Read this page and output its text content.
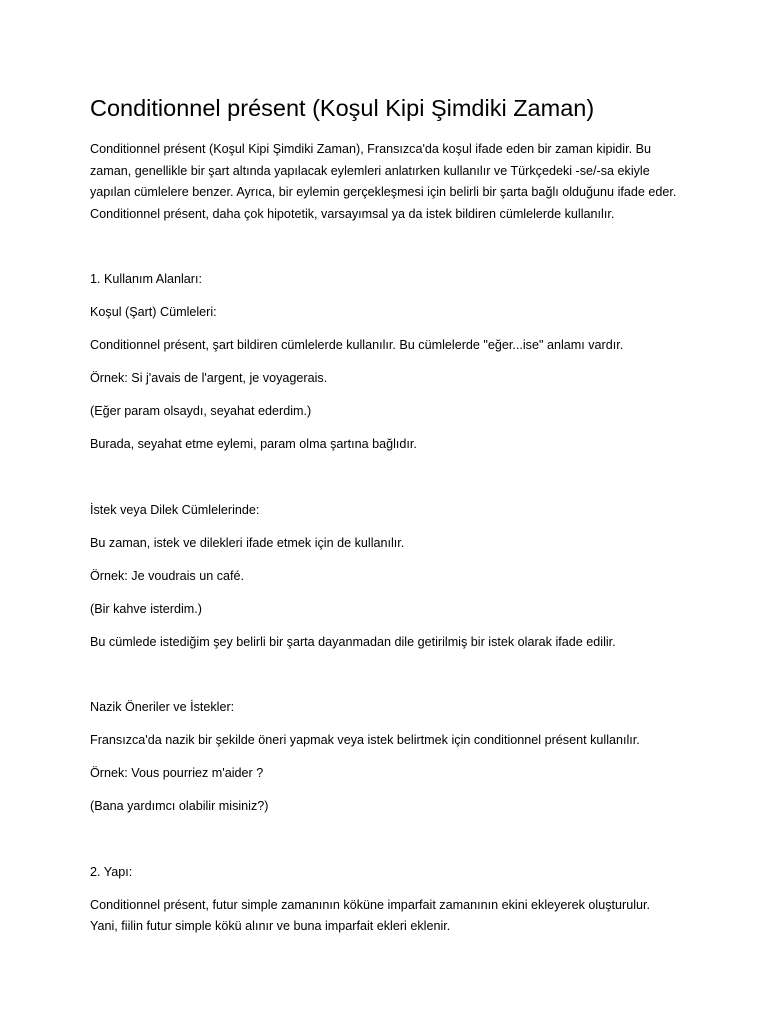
Conditionnel présent (Koşul Kipi Şimdiki Zaman)
Conditionnel présent (Koşul Kipi Şimdiki Zaman), Fransızca'da koşul ifade eden bir zaman kipidir. Bu
zaman, genellikle bir şart altında yapılacak eylemleri anlatırken kullanılır ve Türkçedeki -se/-sa ekiyle
yapılan cümlelere benzer. Ayrıca, bir eylemin gerçekleşmesi için belirli bir şarta bağlı olduğunu ifade eder.
Conditionnel présent, daha çok hipotetik, varsayımsal ya da istek bildiren cümlelerde kullanılır.
1. Kullanım Alanları:
Koşul (Şart) Cümleleri:
Conditionnel présent, şart bildiren cümlelerde kullanılır. Bu cümlelerde "eğer...ise" anlamı vardır.
Örnek: Si j'avais de l'argent, je voyagerais.
(Eğer param olsaydı, seyahat ederdim.)
Burada, seyahat etme eylemi, param olma şartına bağlıdır.
İstek veya Dilek Cümlelerinde:
Bu zaman, istek ve dilekleri ifade etmek için de kullanılır.
Örnek: Je voudrais un café.
(Bir kahve isterdim.)
Bu cümlede istediğim şey belirli bir şarta dayanmadan dile getirilmiş bir istek olarak ifade edilir.
Nazik Öneriler ve İstekler:
Fransızca'da nazik bir şekilde öneri yapmak veya istek belirtmek için conditionnel présent kullanılır.
Örnek: Vous pourriez m'aider ?
(Bana yardımcı olabilir misiniz?)
2. Yapı:
Conditionnel présent, futur simple zamanının köküne imparfait zamanının ekini ekleyerek oluşturulur.
Yani, fiilin futur simple kökü alınır ve buna imparfait ekleri eklenir.
